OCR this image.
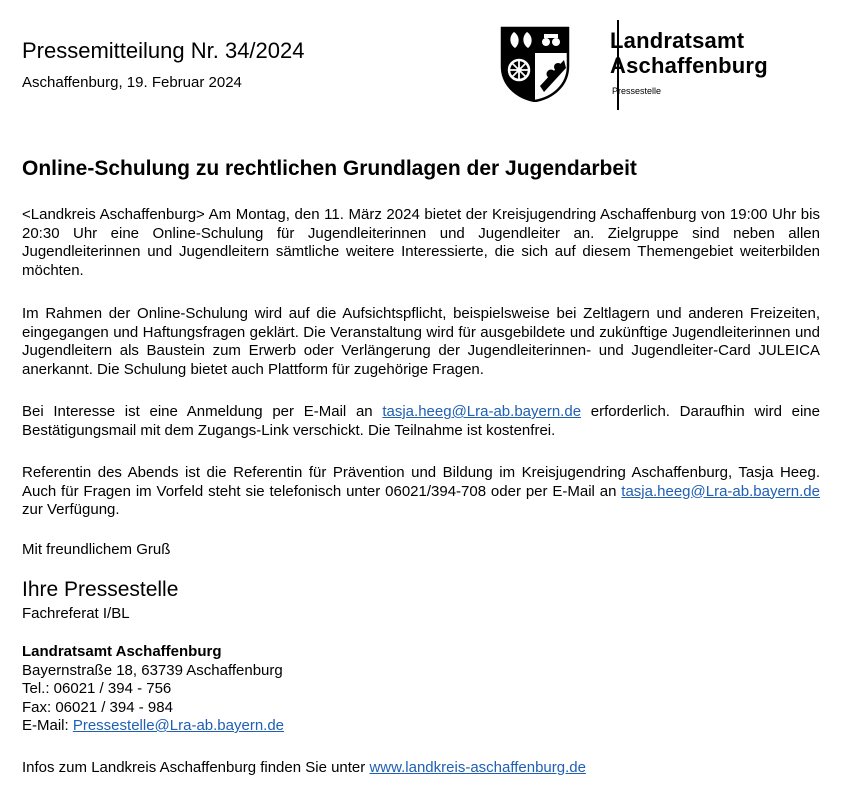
Pressemitteilung Nr. 34/2024
Aschaffenburg, 19. Februar 2024
Landratsamt
Aschaffenburg
Pressestelle
Online-Schulung zu rechtlichen Grundlagen der Jugendarbeit
<Landkreis Aschaffenburg> Am Montag, den 11. März 2024 bietet der Kreisjugendring Aschaffenburg von 19:00 Uhr bis 20:30 Uhr eine Online-Schulung für Jugendleiterinnen und Jugendleiter an. Zielgruppe sind neben allen Jugendleiterinnen und Jugendleitern sämtliche weitere Interessierte, die sich auf diesem Themengebiet weiterbilden möchten.
Im Rahmen der Online-Schulung wird auf die Aufsichtspflicht, beispielsweise bei Zeltlagern und anderen Freizeiten, eingegangen und Haftungsfragen geklärt. Die Veranstaltung wird für ausgebildete und zukünftige Jugendleiterinnen und Jugendleitern als Baustein zum Erwerb oder Verlängerung der Jugendleiterinnen- und Jugendleiter-Card JULEICA anerkannt. Die Schulung bietet auch Plattform für zugehörige Fragen.
Bei Interesse ist eine Anmeldung per E-Mail an tasja.heeg@Lra-ab.bayern.de erforderlich. Daraufhin wird eine Bestätigungsmail mit dem Zugangs-Link verschickt. Die Teilnahme ist kostenfrei.
Referentin des Abends ist die Referentin für Prävention und Bildung im Kreisjugendring Aschaffenburg, Tasja Heeg. Auch für Fragen im Vorfeld steht sie telefonisch unter 06021/394-708 oder per E-Mail an tasja.heeg@Lra-ab.bayern.de zur Verfügung.
Mit freundlichem Gruß
Ihre Pressestelle
Fachreferat I/BL
Landratsamt Aschaffenburg
Bayernstraße 18, 63739 Aschaffenburg
Tel.: 06021 / 394 - 756
Fax: 06021 / 394 - 984
E-Mail: Pressestelle@Lra-ab.bayern.de
Infos zum Landkreis Aschaffenburg finden Sie unter www.landkreis-aschaffenburg.de
